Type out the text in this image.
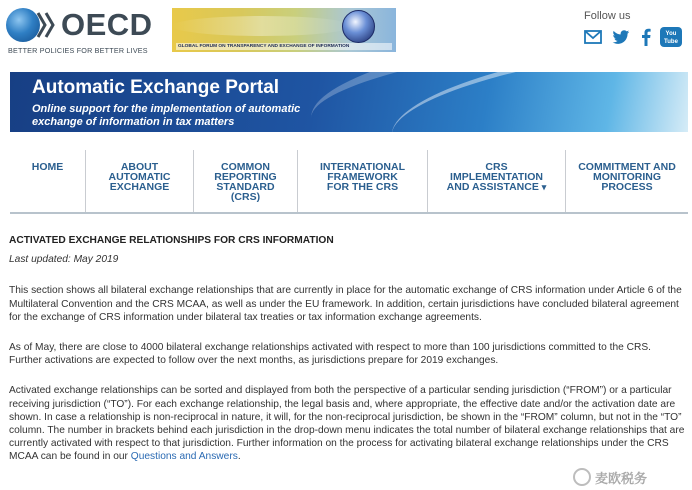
OECD
BETTER POLICIES FOR BETTER LIVES	GLOBAL FORUM ON TRANSPARENCY AND EXCHANGE OF INFORMATION
Follow us
You
Tube
Automatic Exchange Portal
Online support for the implementation of automatic exchange of information in tax matters
HOME	ABOUT AUTOMATIC EXCHANGE
COMMON REPORTING STANDARD (CRS)
INTERNATIONAL FRAMEWORK FOR THE CRS
CRS IMPLEMENTATION AND ASSISTANCE ▾
COMMITMENT AND MONITORING PROCESS
ACTIVATED EXCHANGE RELATIONSHIPS FOR CRS INFORMATION
Last updated: May 2019

This section shows all bilateral exchange relationships that are currently in place for the automatic exchange of CRS information under Article 6 of the Multilateral Convention and the CRS MCAA, as well as under the EU framework. In addition, certain jurisdictions have concluded bilateral agreement for the exchange of CRS information under bilateral tax treaties or tax information exchange agreements.

As of May, there are close to 4000 bilateral exchange relationships activated with respect to more than 100 jurisdictions committed to the CRS. Further activations are expected to follow over the next months, as jurisdictions prepare for 2019 exchanges.

Activated exchange relationships can be sorted and displayed from both the perspective of a particular sending jurisdiction (“FROM”) or a particular receiving jurisdiction (“TO”). For each exchange relationship, the legal basis and, where appropriate, the effective date and/or the activation date are shown. In case a relationship is non-reciprocal in nature, it will, for the non-reciprocal jurisdiction, be shown in the “FROM” column, but not in the “TO” column. The number in brackets behind each jurisdiction in the drop-down menu indicates the total number of bilateral exchange relationships that are currently activated with respect to that jurisdiction. Further information on the process for activating bilateral exchange relationships under the CRS MCAA can be found in our Questions and Answers.

麦欧税务
